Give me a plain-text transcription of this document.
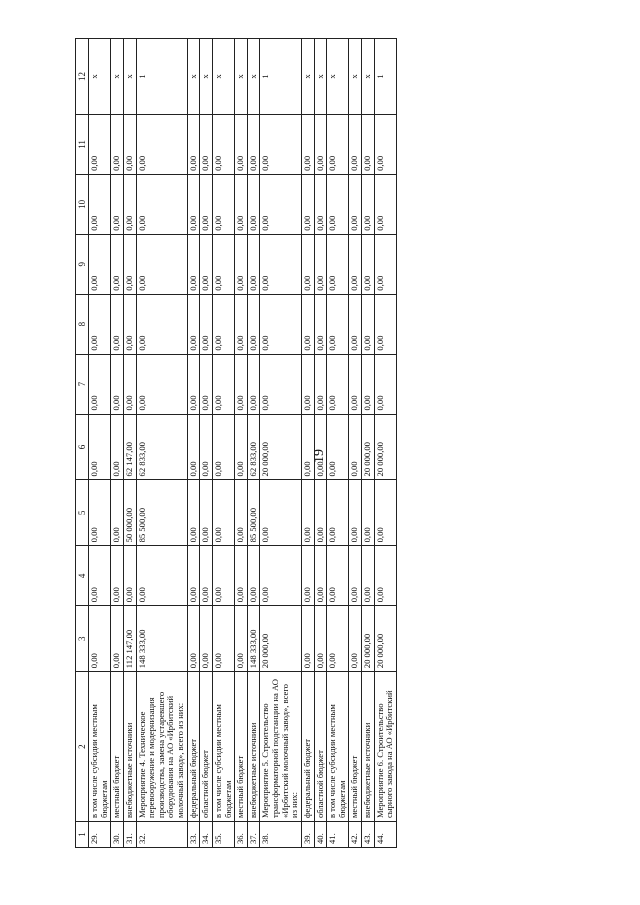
19
1	2	3	4	5	6	7	8	9	10	11	12
29.	в том числе субсидии местным бюджетам	0,00	0,00	0,00	0,00	0,00	0,00	0,00	0,00	0,00	x
30.	местный бюджет	0,00	0,00	0,00	0,00	0,00	0,00	0,00	0,00	0,00	x
31.	внебюджетные источники	112 147,00	0,00	50 000,00	62 147,00	0,00	0,00	0,00	0,00	0,00	x
32.	Мероприятие 4. Техническое перевооружение и модернизация производства, замена устаревшего оборудования на АО «Ирбитский молочный завод», всего из них:	148 333,00	0,00	85 500,00	62 833,00	0,00	0,00	0,00	0,00	0,00	1
33.	федеральный бюджет	0,00	0,00	0,00	0,00	0,00	0,00	0,00	0,00	0,00	x
34.	областной бюджет	0,00	0,00	0,00	0,00	0,00	0,00	0,00	0,00	0,00	x
35.	в том числе субсидии местным бюджетам	0,00	0,00	0,00	0,00	0,00	0,00	0,00	0,00	0,00	x
36.	местный бюджет	0,00	0,00	0,00	0,00	0,00	0,00	0,00	0,00	0,00	x
37.	внебюджетные источники	148 333,00	0,00	85 500,00	62 833,00	0,00	0,00	0,00	0,00	0,00	x
38.	Мероприятие 5. Строительство трансформаторной подстанции на АО «Ирбитский молочный завод», всего из них:	20 000,00	0,00	0,00	20 000,00	0,00	0,00	0,00	0,00	0,00	1
39.	федеральный бюджет	0,00	0,00	0,00	0,00	0,00	0,00	0,00	0,00	0,00	x
40.	областной бюджет	0,00	0,00	0,00	0,00	0,00	0,00	0,00	0,00	0,00	x
41.	в том числе субсидии местным бюджетам	0,00	0,00	0,00	0,00	0,00	0,00	0,00	0,00	0,00	x
42.	местный бюджет	0,00	0,00	0,00	0,00	0,00	0,00	0,00	0,00	0,00	x
43.	внебюджетные источники	20 000,00	0,00	0,00	20 000,00	0,00	0,00	0,00	0,00	0,00	x
44.	Мероприятие 6. Строительство сырного завода на АО «Ирбитский	20 000,00	0,00	0,00	20 000,00	0,00	0,00	0,00	0,00	0,00	1
